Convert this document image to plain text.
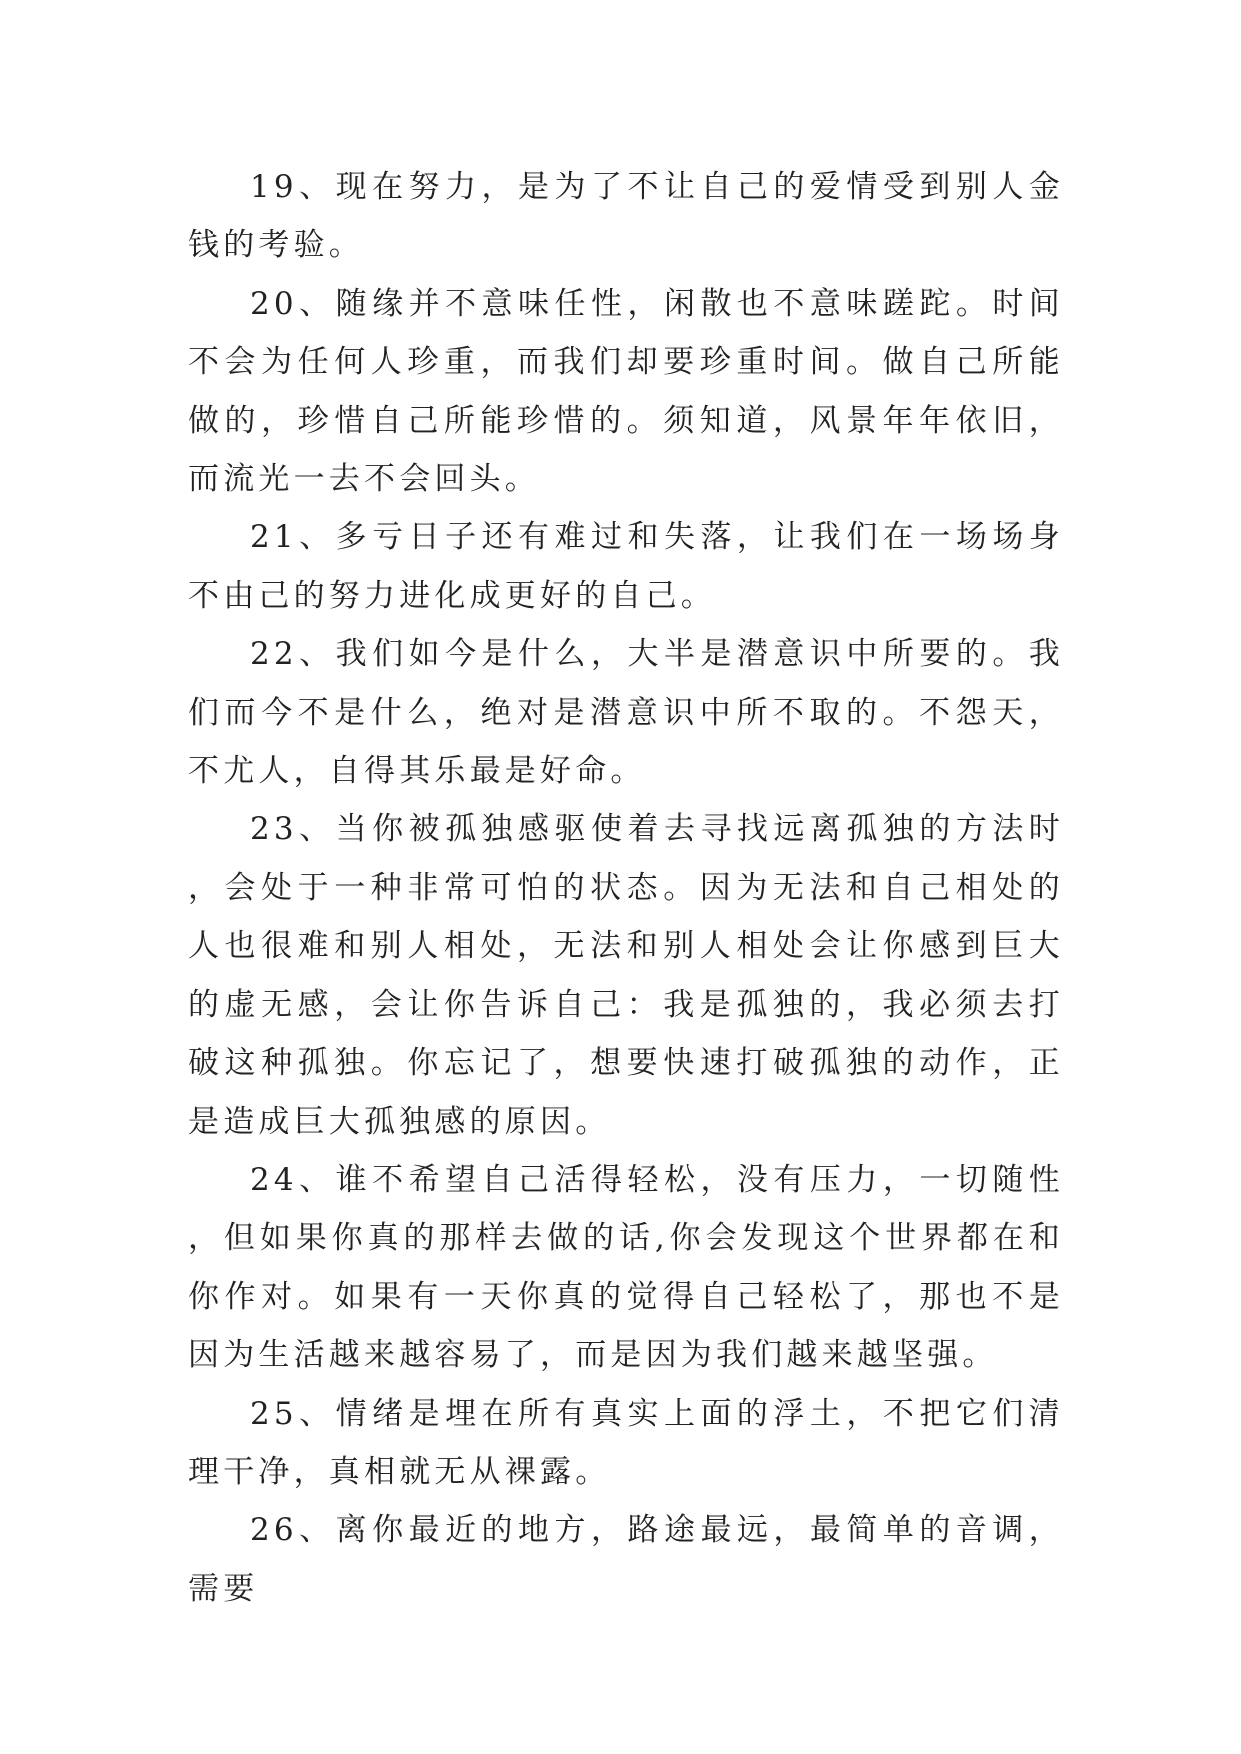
19、现在努力，是为了不让自己的爱情受到别人金钱的考验。

20、随缘并不意味任性，闲散也不意味蹉跎。时间不会为任何人珍重，而我们却要珍重时间。做自己所能做的，珍惜自己所能珍惜的。须知道，风景年年依旧，而流光一去不会回头。

21、多亏日子还有难过和失落，让我们在一场场身不由己的努力进化成更好的自己。

22、我们如今是什么，大半是潜意识中所要的。我们而今不是什么，绝对是潜意识中所不取的。不怨天，不尤人，自得其乐最是好命。

23、当你被孤独感驱使着去寻找远离孤独的方法时，会处于一种非常可怕的状态。因为无法和自己相处的人也很难和别人相处，无法和别人相处会让你感到巨大的虚无感，会让你告诉自己：我是孤独的，我必须去打破这种孤独。你忘记了，想要快速打破孤独的动作，正是造成巨大孤独感的原因。

24、谁不希望自己活得轻松，没有压力，一切随性，但如果你真的那样去做的话,你会发现这个世界都在和你作对。如果有一天你真的觉得自己轻松了，那也不是因为生活越来越容易了，而是因为我们越来越坚强。

25、情绪是埋在所有真实上面的浮土，不把它们清理干净，真相就无从裸露。

26、离你最近的地方，路途最远，最简单的音调，需要
